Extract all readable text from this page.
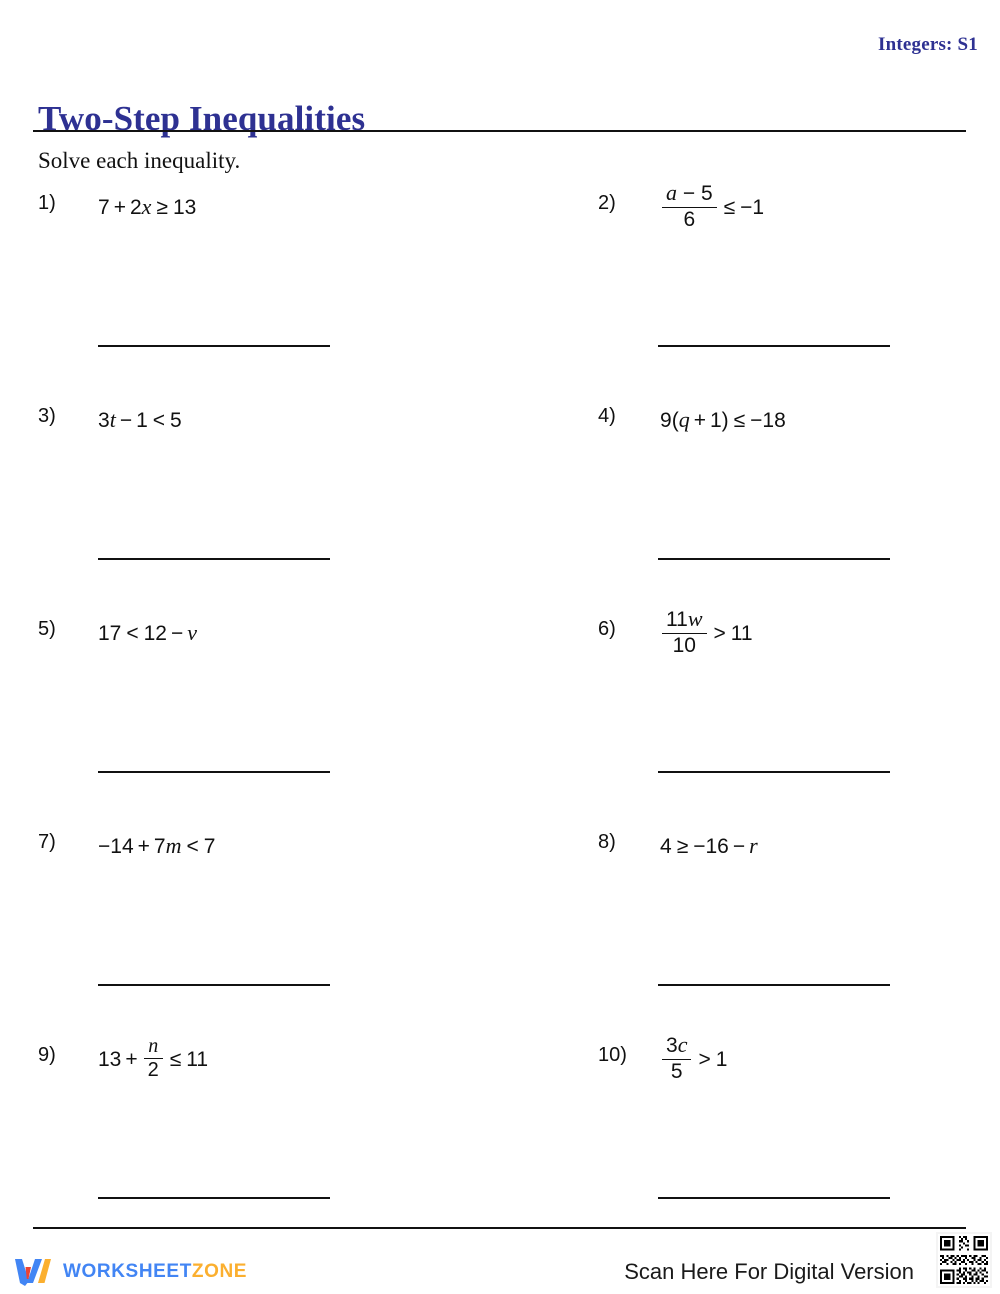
Integers: S1
Two-Step Inequalities
Solve each inequality.
1) 7 + 2 x ≥ 13	$2) \frac{a - 5}{6} \le -1$
3) 3 t − 1 < 5	4) 9 ( q + 1 ) ≤ −18
5) 17 < 12 − v	$6) \frac{11w}{10} > 11$
7) −14 + 7 m < 7	8) 4 ≥ −16 − r
9) $13 + \frac{n}{2} \le 11$	$10) \frac{3c}{5} > 1$
WORKSHEETZONE	Scan Here For Digital Version
